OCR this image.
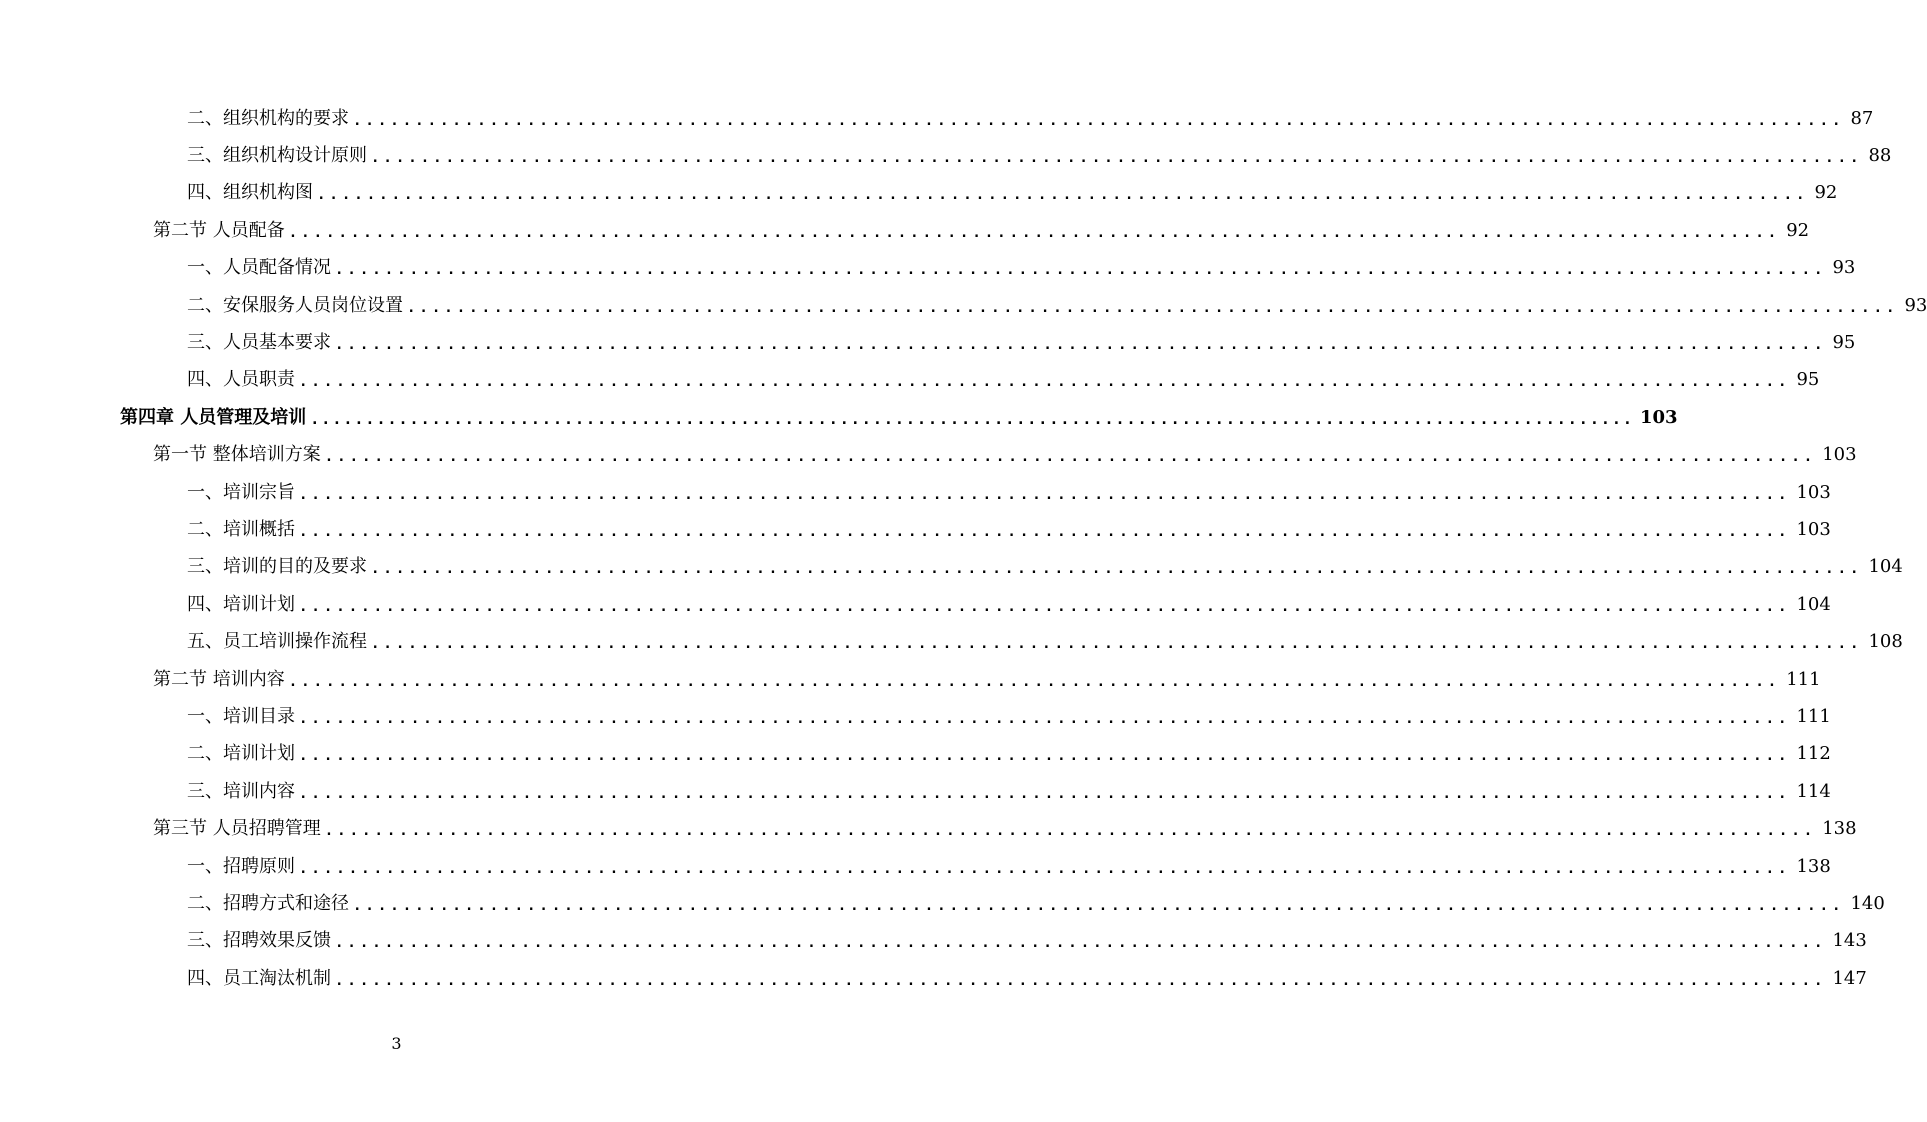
二、组织机构的要求 ........................................................................................................................ 87
三、组织机构设计原则 ........................................................................................................................ 88
四、组织机构图 ........................................................................................................................ 92
第二节 人员配备 ........................................................................................................................ 92
一、人员配备情况 ........................................................................................................................ 93
二、安保服务人员岗位设置 ........................................................................................................................ 93
三、人员基本要求 ........................................................................................................................ 95
四、人员职责 ........................................................................................................................ 95
第四章 人员管理及培训 ........................................................................................................................ 103
第一节 整体培训方案 ........................................................................................................................ 103
一、培训宗旨 ........................................................................................................................ 103
二、培训概括 ........................................................................................................................ 103
三、培训的目的及要求 ........................................................................................................................ 104
四、培训计划 ........................................................................................................................ 104
五、员工培训操作流程 ........................................................................................................................ 108
第二节 培训内容 ........................................................................................................................ 111
一、培训目录 ........................................................................................................................ 111
二、培训计划 ........................................................................................................................ 112
三、培训内容 ........................................................................................................................ 114
第三节 人员招聘管理 ........................................................................................................................ 138
一、招聘原则 ........................................................................................................................ 138
二、招聘方式和途径 ........................................................................................................................ 140
三、招聘效果反馈 ........................................................................................................................ 143
四、员工淘汰机制 ........................................................................................................................ 147
3
